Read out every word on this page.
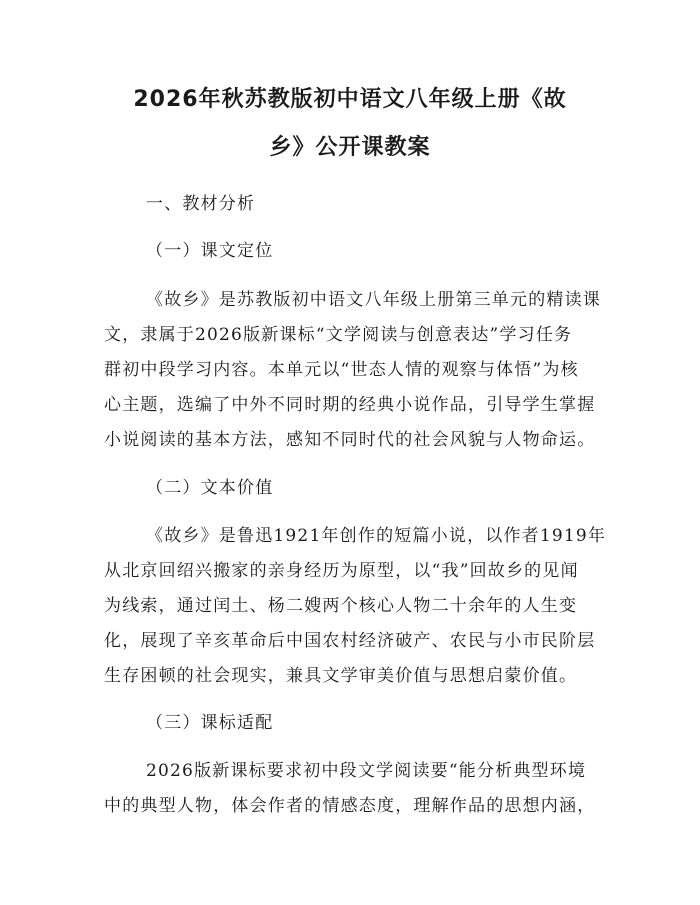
2026年秋苏教版初中语文八年级上册《故
乡》公开课教案
一、教材分析
（一）课文定位
《故乡》是苏教版初中语文八年级上册第三单元的精读课
文，隶属于2026版新课标“文学阅读与创意表达”学习任务
群初中段学习内容。本单元以“世态人情的观察与体悟”为核
心主题，选编了中外不同时期的经典小说作品，引导学生掌握
小说阅读的基本方法，感知不同时代的社会风貌与人物命运。
（二）文本价值
《故乡》是鲁迅1921年创作的短篇小说，以作者1919年
从北京回绍兴搬家的亲身经历为原型，以“我”回故乡的见闻
为线索，通过闰土、杨二嫂两个核心人物二十余年的人生变
化，展现了辛亥革命后中国农村经济破产、农民与小市民阶层
生存困顿的社会现实，兼具文学审美价值与思想启蒙价值。
（三）课标适配
2026版新课标要求初中段文学阅读要“能分析典型环境
中的典型人物，体会作者的情感态度，理解作品的思想内涵，
